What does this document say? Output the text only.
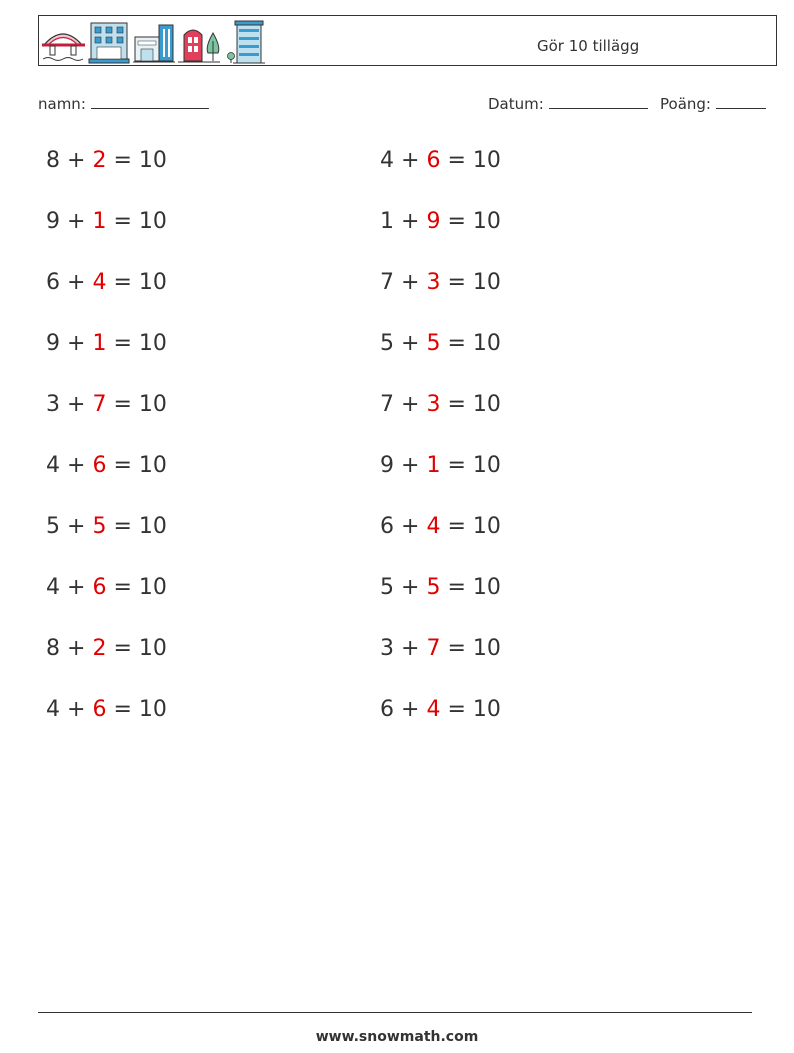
Gör 10 tillägg
namn:	Datum:	Poäng:
8 + 2 = 10	4 + 6 = 10
9 + 1 = 10	1 + 9 = 10
6 + 4 = 10	7 + 3 = 10
9 + 1 = 10	5 + 5 = 10
3 + 7 = 10	7 + 3 = 10
4 + 6 = 10	9 + 1 = 10
5 + 5 = 10	6 + 4 = 10
4 + 6 = 10	5 + 5 = 10
8 + 2 = 10	3 + 7 = 10
4 + 6 = 10	6 + 4 = 10
www.snowmath.com
